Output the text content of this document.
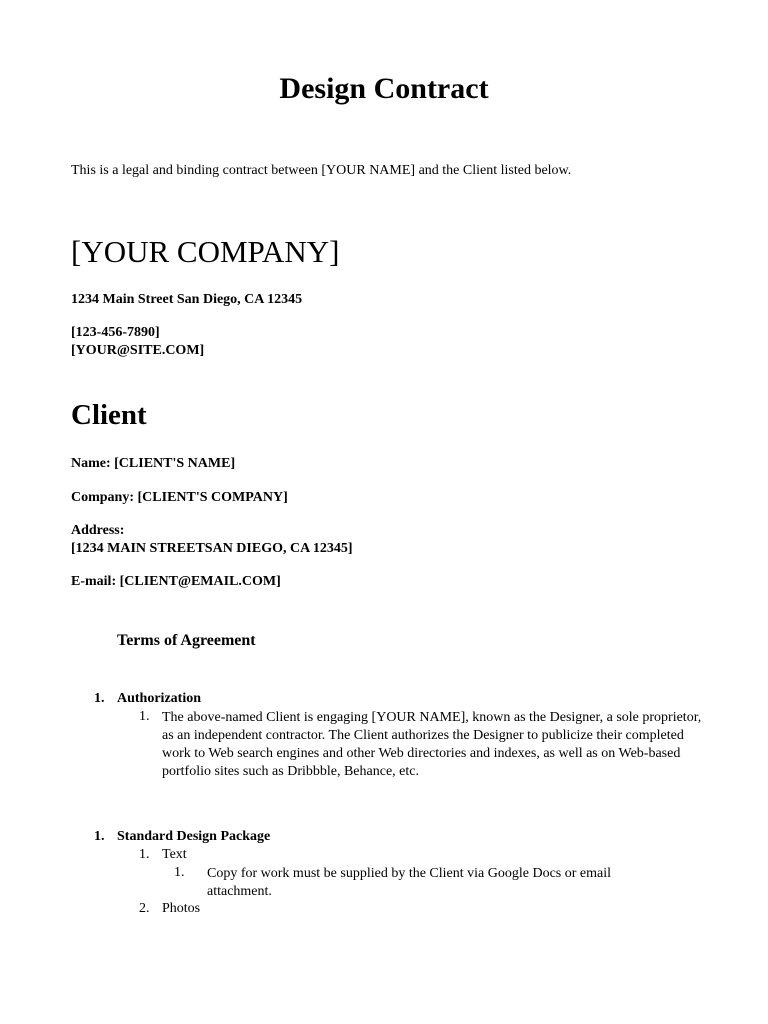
Design Contract
This is a legal and binding contract between [YOUR NAME] and the Client listed below.
[YOUR COMPANY]
1234 Main Street San Diego, CA 12345
[123-456-7890]
[YOUR@SITE.COM]
Client
Name: [CLIENT'S NAME]
Company: [CLIENT'S COMPANY]
Address:
[1234 MAIN STREETSAN DIEGO, CA 12345]
E-mail: [CLIENT@EMAIL.COM]
Terms of Agreement
1. Authorization
1. The above-named Client is engaging [YOUR NAME], known as the Designer, a sole proprietor, as an independent contractor. The Client authorizes the Designer to publicize their completed work to Web search engines and other Web directories and indexes, as well as on Web-based portfolio sites such as Dribbble, Behance, etc.
1. Standard Design Package
1. Text
1. Copy for work must be supplied by the Client via Google Docs or email attachment.
2. Photos
